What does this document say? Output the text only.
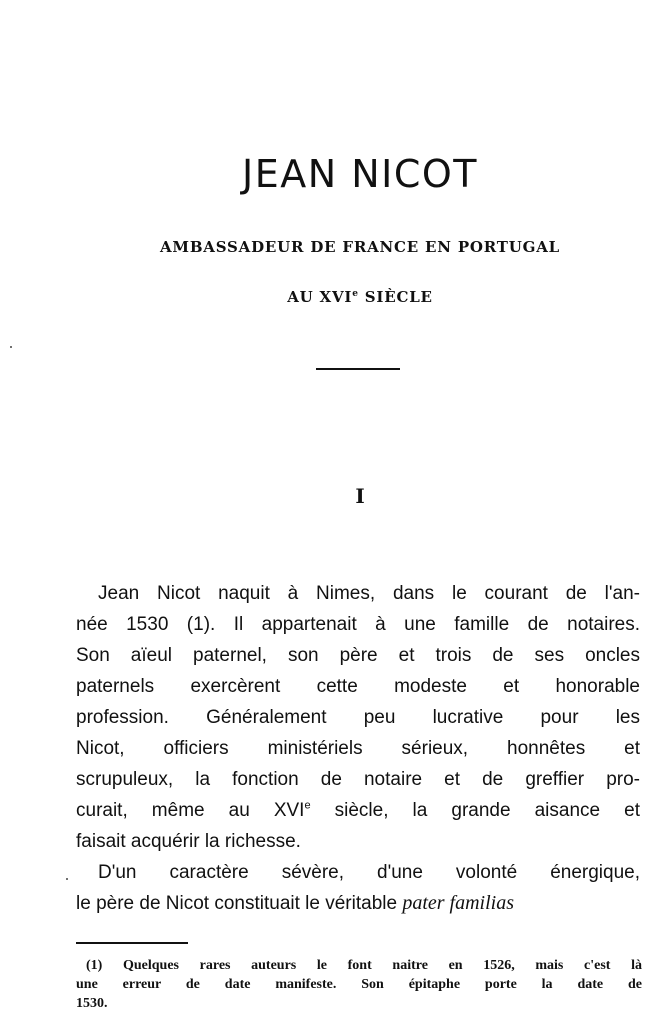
JEAN NICOT
AMBASSADEUR DE FRANCE EN PORTUGAL
AU XVIe SIÈCLE
I
Jean Nicot naquit à Nimes, dans le courant de l'an-
née 1530 (1). Il appartenait à une famille de notaires.
Son aïeul paternel, son père et trois de ses oncles
paternels exercèrent cette modeste et honorable
profession. Généralement peu lucrative pour les
Nicot, officiers ministériels sérieux, honnêtes et
scrupuleux, la fonction de notaire et de greffier pro-
curait, même au XVIe siècle, la grande aisance et
faisait acquérir la richesse.
D'un caractère sévère, d'une volonté énergique,
le père de Nicot constituait le véritable pater familias
(1) Quelques rares auteurs le font naitre en 1526, mais c'est là
une erreur de date manifeste. Son épitaphe porte la date de
1530.
